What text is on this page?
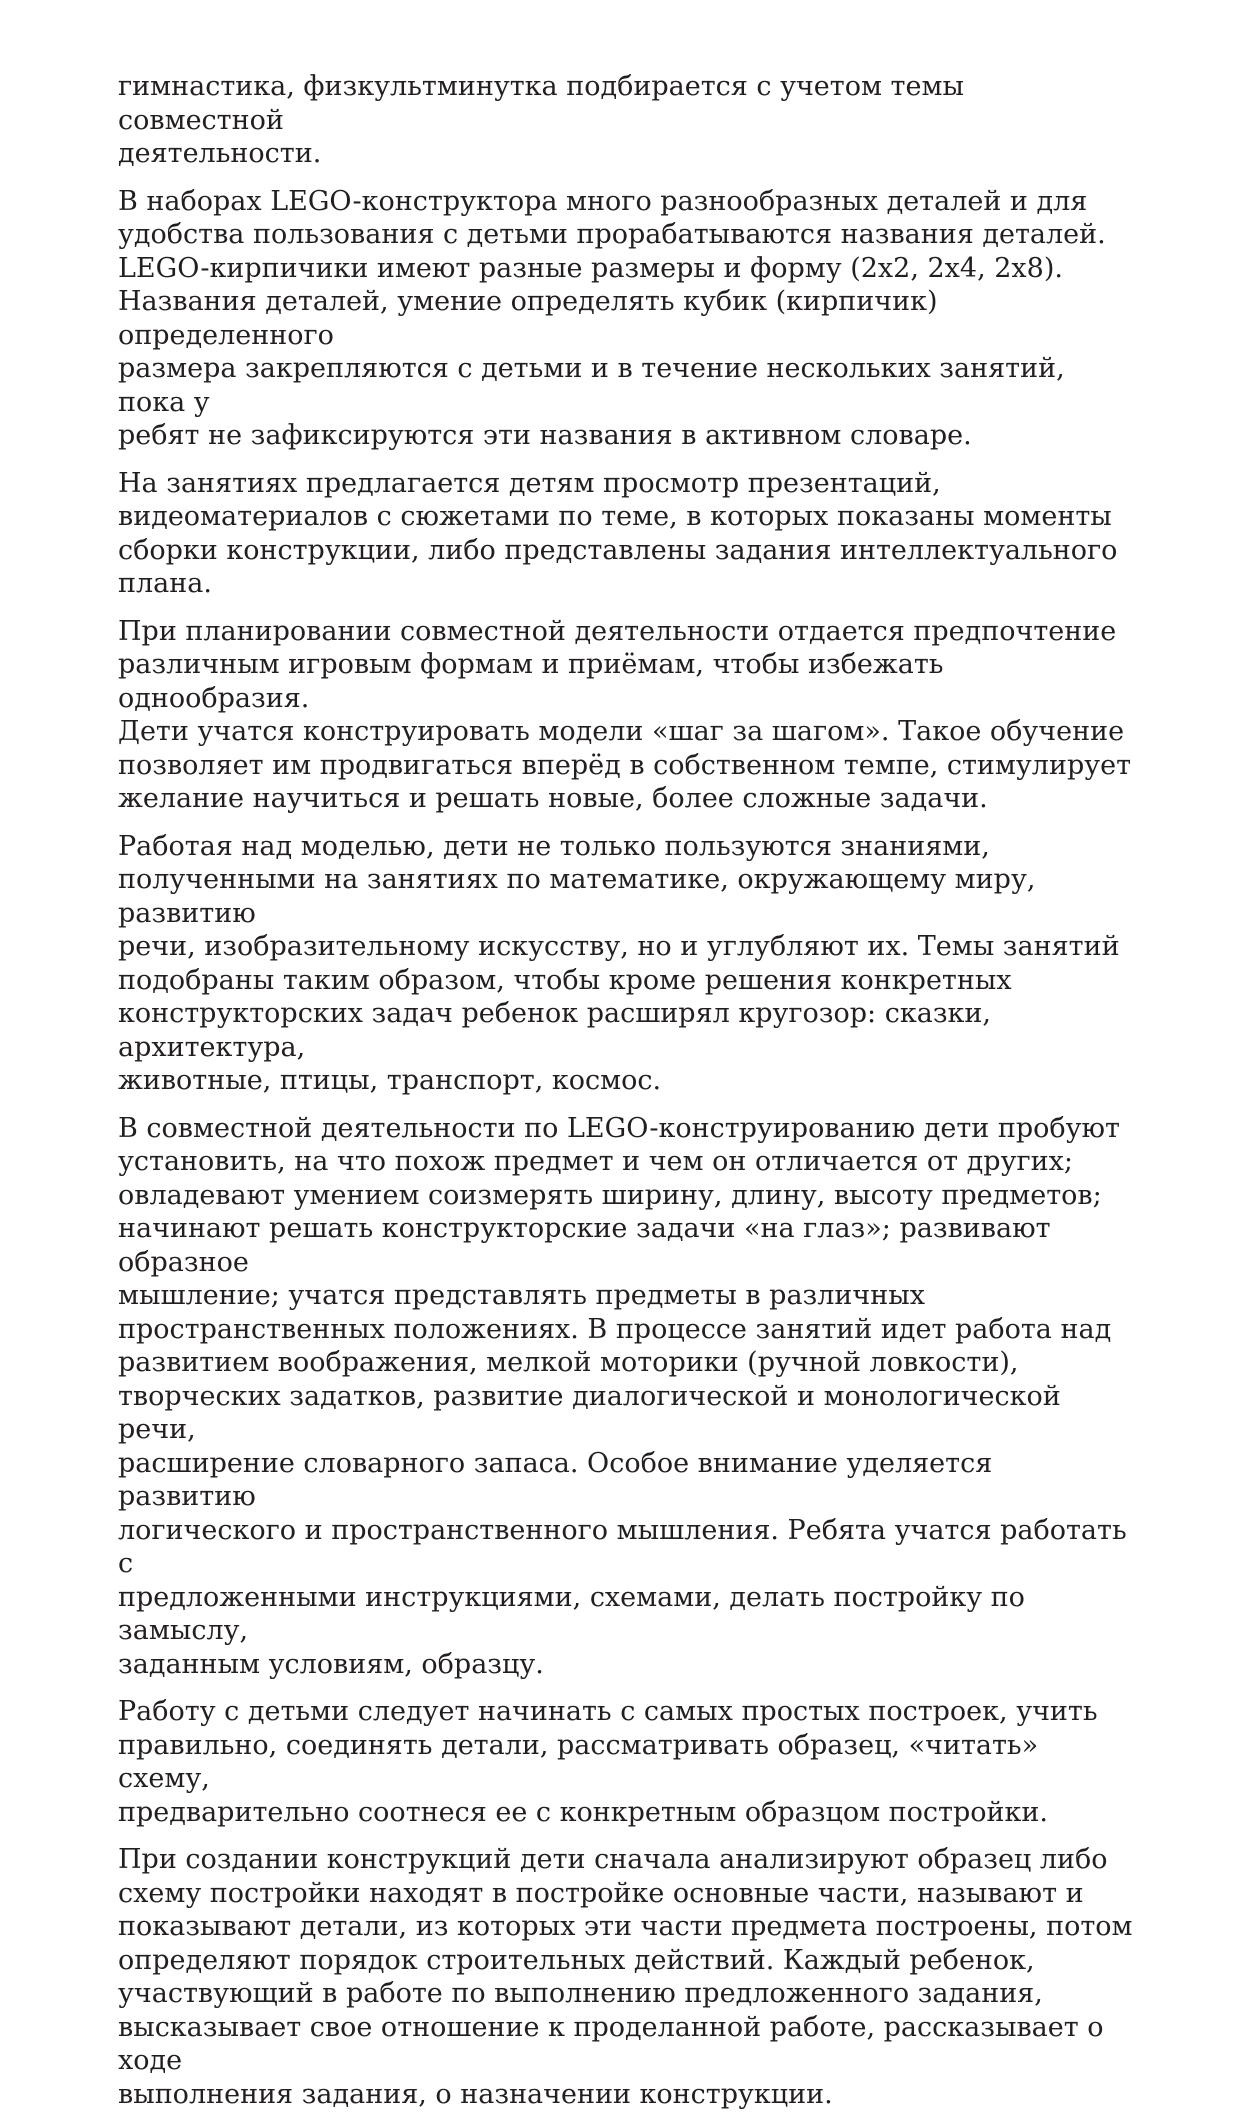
гимнастика, физкультминутка подбирается с учетом темы совместной
деятельности.

В наборах LEGO-конструктора много разнообразных деталей и для
удобства пользования с детьми прорабатываются названия деталей.
LEGO-кирпичики имеют разные размеры и форму (2х2, 2х4, 2х8).
Названия деталей, умение определять кубик (кирпичик) определенного
размера закрепляются с детьми и в течение нескольких занятий, пока у
ребят не зафиксируются эти названия в активном словаре.

На занятиях предлагается детям просмотр презентаций,
видеоматериалов с сюжетами по теме, в которых показаны моменты
сборки конструкции, либо представлены задания интеллектуального
плана.

При планировании совместной деятельности отдается предпочтение
различным игровым формам и приёмам, чтобы избежать однообразия.
Дети учатся конструировать модели «шаг за шагом». Такое обучение
позволяет им продвигаться вперёд в собственном темпе, стимулирует
желание научиться и решать новые, более сложные задачи.

Работая над моделью, дети не только пользуются знаниями,
полученными на занятиях по математике, окружающему миру, развитию
речи, изобразительному искусству, но и углубляют их. Темы занятий
подобраны таким образом, чтобы кроме решения конкретных
конструкторских задач ребенок расширял кругозор: сказки, архитектура,
животные, птицы, транспорт, космос.

В совместной деятельности по LEGO-конструированию дети пробуют
установить, на что похож предмет и чем он отличается от других;
овладевают умением соизмерять ширину, длину, высоту предметов;
начинают решать конструкторские задачи «на глаз»; развивают образное
мышление; учатся представлять предметы в различных
пространственных положениях. В процессе занятий идет работа над
развитием воображения, мелкой моторики (ручной ловкости),
творческих задатков, развитие диалогической и монологической речи,
расширение словарного запаса. Особое внимание уделяется развитию
логического и пространственного мышления. Ребята учатся работать с
предложенными инструкциями, схемами, делать постройку по замыслу,
заданным условиям, образцу.

Работу с детьми следует начинать с самых простых построек, учить
правильно, соединять детали, рассматривать образец, «читать» схему,
предварительно соотнеся ее с конкретным образцом постройки.

При создании конструкций дети сначала анализируют образец либо
схему постройки находят в постройке основные части, называют и
показывают детали, из которых эти части предмета построены, потом
определяют порядок строительных действий. Каждый ребенок,
участвующий в работе по выполнению предложенного задания,
высказывает свое отношение к проделанной работе, рассказывает о ходе
выполнения задания, о назначении конструкции.
